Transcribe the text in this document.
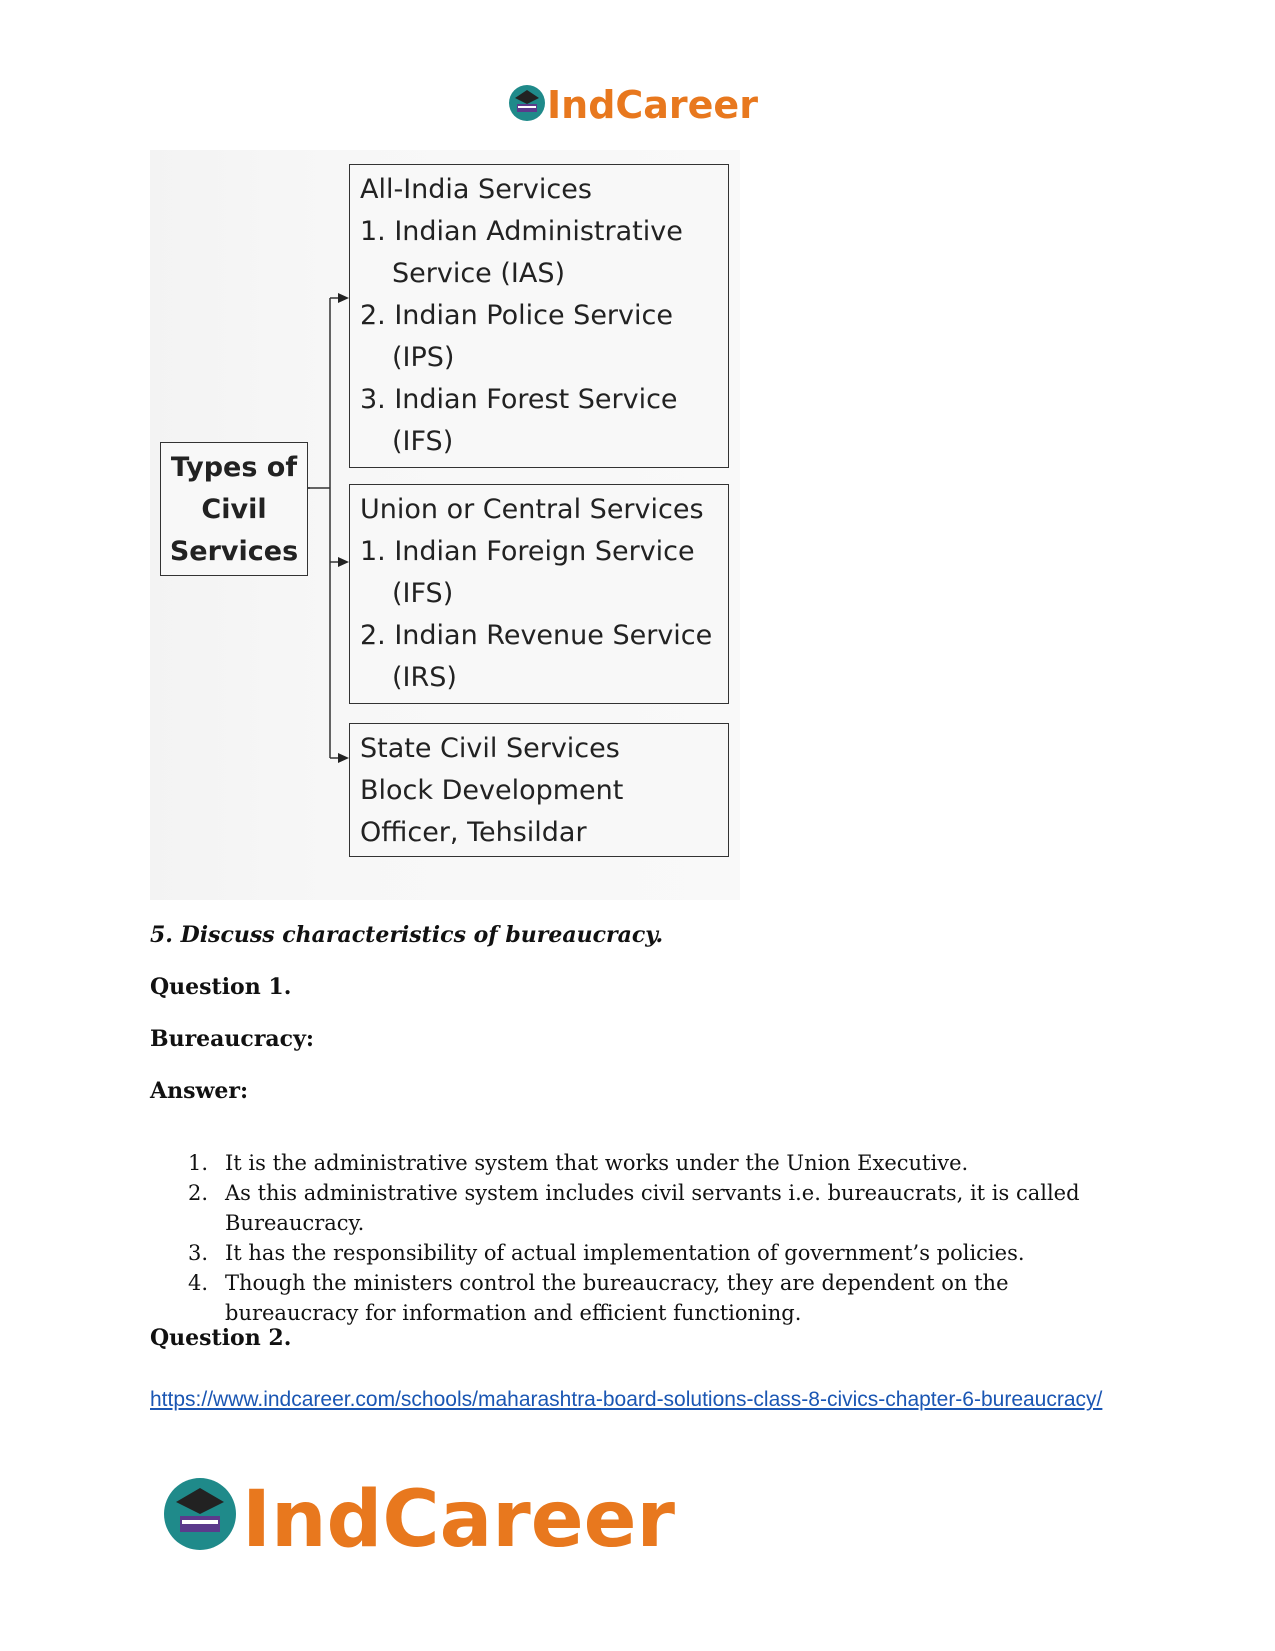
IndCareer
Types of
Civil
Services
All-India Services
1. Indian Administrative
Service (IAS)
2. Indian Police Service
(IPS)
3. Indian Forest Service
(IFS)
Union or Central Services
1. Indian Foreign Service
(IFS)
2. Indian Revenue Service
(IRS)
State Civil Services
Block Development
Officer, Tehsildar
5. Discuss characteristics of bureaucracy.
Question 1.
Bureaucracy:
Answer:
1. It is the administrative system that works under the Union Executive.
2. As this administrative system includes civil servants i.e. bureaucrats, it is called Bureaucracy.
3. It has the responsibility of actual implementation of government’s policies.
4. Though the ministers control the bureaucracy, they are dependent on the bureaucracy for information and efficient functioning.
Question 2.
https://www.indcareer.com/schools/maharashtra-board-solutions-class-8-civics-chapter-6-bureaucracy/
IndCareer
